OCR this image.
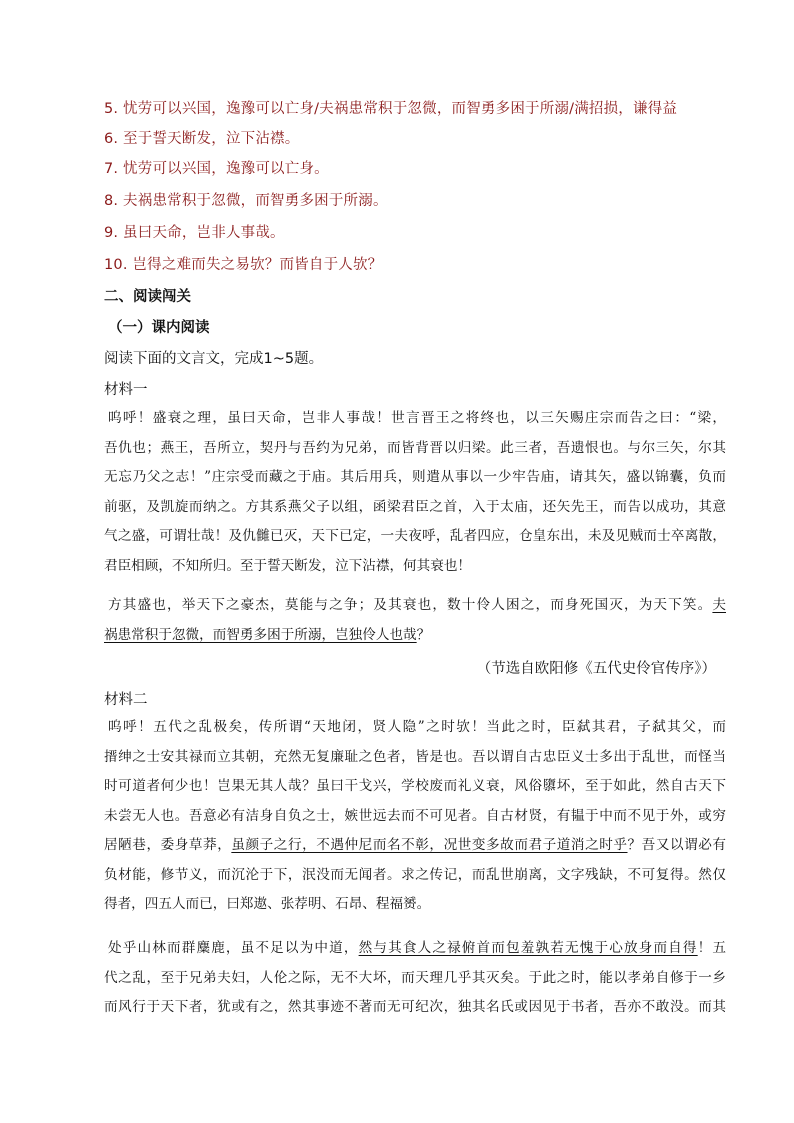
5. 忧劳可以兴国，逸豫可以亡身/夫祸患常积于忽微，而智勇多困于所溺/满招损，谦得益
6. 至于誓天断发，泣下沾襟。
7. 忧劳可以兴国，逸豫可以亡身。
8. 夫祸患常积于忽微，而智勇多困于所溺。
9. 虽曰天命，岂非人事哉。
10. 岂得之难而失之易欤？而皆自于人欤？
二、阅读闯关
（一）课内阅读
阅读下面的文言文，完成1~5题。
材料一
呜呼！盛衰之理，虽曰天命，岂非人事哉！世言晋王之将终也，以三矢赐庄宗而告之曰：“梁，
吾仇也；燕王，吾所立，契丹与吾约为兄弟，而皆背晋以归梁。此三者，吾遗恨也。与尔三矢，尔其
无忘乃父之志！”庄宗受而藏之于庙。其后用兵，则遣从事以一少牢告庙，请其矢，盛以锦囊，负而
前驱，及凯旋而纳之。方其系燕父子以组，函梁君臣之首，入于太庙，还矢先王，而告以成功，其意
气之盛，可谓壮哉！及仇雠已灭，天下已定，一夫夜呼，乱者四应，仓皇东出，未及见贼而士卒离散，
君臣相顾，不知所归。至于誓天断发，泣下沾襟，何其衰也！
方其盛也，举天下之豪杰，莫能与之争；及其衰也，数十伶人困之，而身死国灭，为天下笑。夫
祸患常积于忽微，而智勇多困于所溺，岂独伶人也哉？
（节选自欧阳修《五代史伶官传序》）
材料二
呜呼！五代之乱极矣，传所谓“天地闭，贤人隐”之时欤！当此之时，臣弑其君，子弑其父，而
搢绅之士安其禄而立其朝，充然无复廉耻之色者，皆是也。吾以谓自古忠臣义士多出于乱世，而怪当
时可道者何少也！岂果无其人哉？虽曰干戈兴，学校废而礼义衰，风俗隳坏，至于如此，然自古天下
未尝无人也。吾意必有洁身自负之士，嫉世远去而不可见者。自古材贤，有韫于中而不见于外，或穷
居陋巷，委身草莽，虽颜子之行，不遇仲尼而名不彰，况世变多故而君子道消之时乎？吾又以谓必有
负材能，修节义，而沉沦于下，泯没而无闻者。求之传记，而乱世崩离，文字残缺，不可复得。然仅
得者，四五人而已，曰郑遨、张荐明、石昂、程福赟。
处乎山林而群麋鹿，虽不足以为中道，然与其食人之禄俯首而包羞孰若无愧于心放身而自得！五
代之乱，至于兄弟夫妇，人伦之际，无不大坏，而天理几乎其灭矣。于此之时，能以孝弟自修于一乡
而风行于天下者，犹或有之，然其事迹不著而无可纪次，独其名氏或因见于书者，吾亦不敢没。而其
